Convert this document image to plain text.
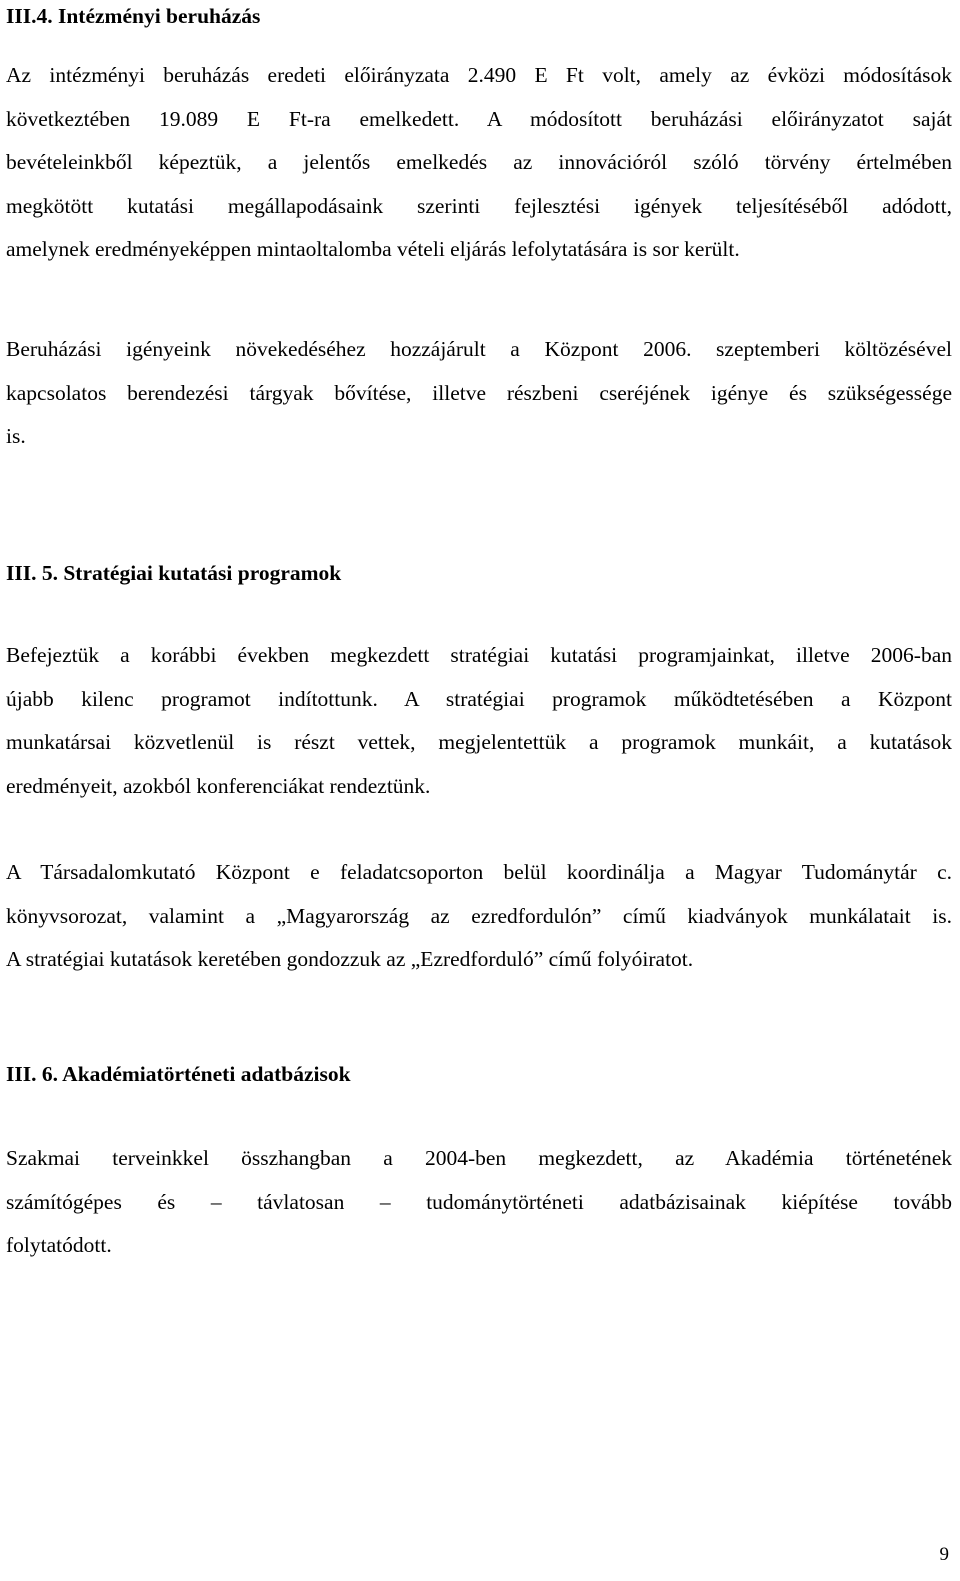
III.4. Intézményi beruházás
Az intézményi beruházás eredeti előirányzata 2.490 E Ft volt, amely az évközi módosítások
következtében 19.089 E Ft-ra emelkedett. A módosított beruházási előirányzatot saját
bevételeinkből képeztük, a jelentős emelkedés az innovációról szóló törvény értelmében
megkötött kutatási megállapodásaink szerinti fejlesztési igények teljesítéséből adódott,
amelynek eredményeképpen mintaoltalomba vételi eljárás lefolytatására is sor került.
Beruházási igényeink növekedéséhez hozzájárult a Központ 2006. szeptemberi költözésével
kapcsolatos berendezési tárgyak bővítése, illetve részbeni cseréjének igénye és szükségessége
is.
III. 5. Stratégiai kutatási programok
Befejeztük a korábbi években megkezdett stratégiai kutatási programjainkat, illetve 2006-ban
újabb kilenc programot indítottunk. A stratégiai programok működtetésében a Központ
munkatársai közvetlenül is részt vettek, megjelentettük a programok munkáit, a kutatások
eredményeit, azokból konferenciákat rendeztünk.
A Társadalomkutató Központ e feladatcsoporton belül koordinálja a Magyar Tudománytár c.
könyvsorozat, valamint a „Magyarország az ezredfordulón” című kiadványok munkálatait is.
A stratégiai kutatások keretében gondozzuk az „Ezredforduló” című folyóiratot.
III. 6. Akadémiatörténeti adatbázisok
Szakmai terveinkkel összhangban a 2004-ben megkezdett, az Akadémia történetének
számítógépes és – távlatosan – tudománytörténeti adatbázisainak kiépítése tovább
folytatódott.
9
